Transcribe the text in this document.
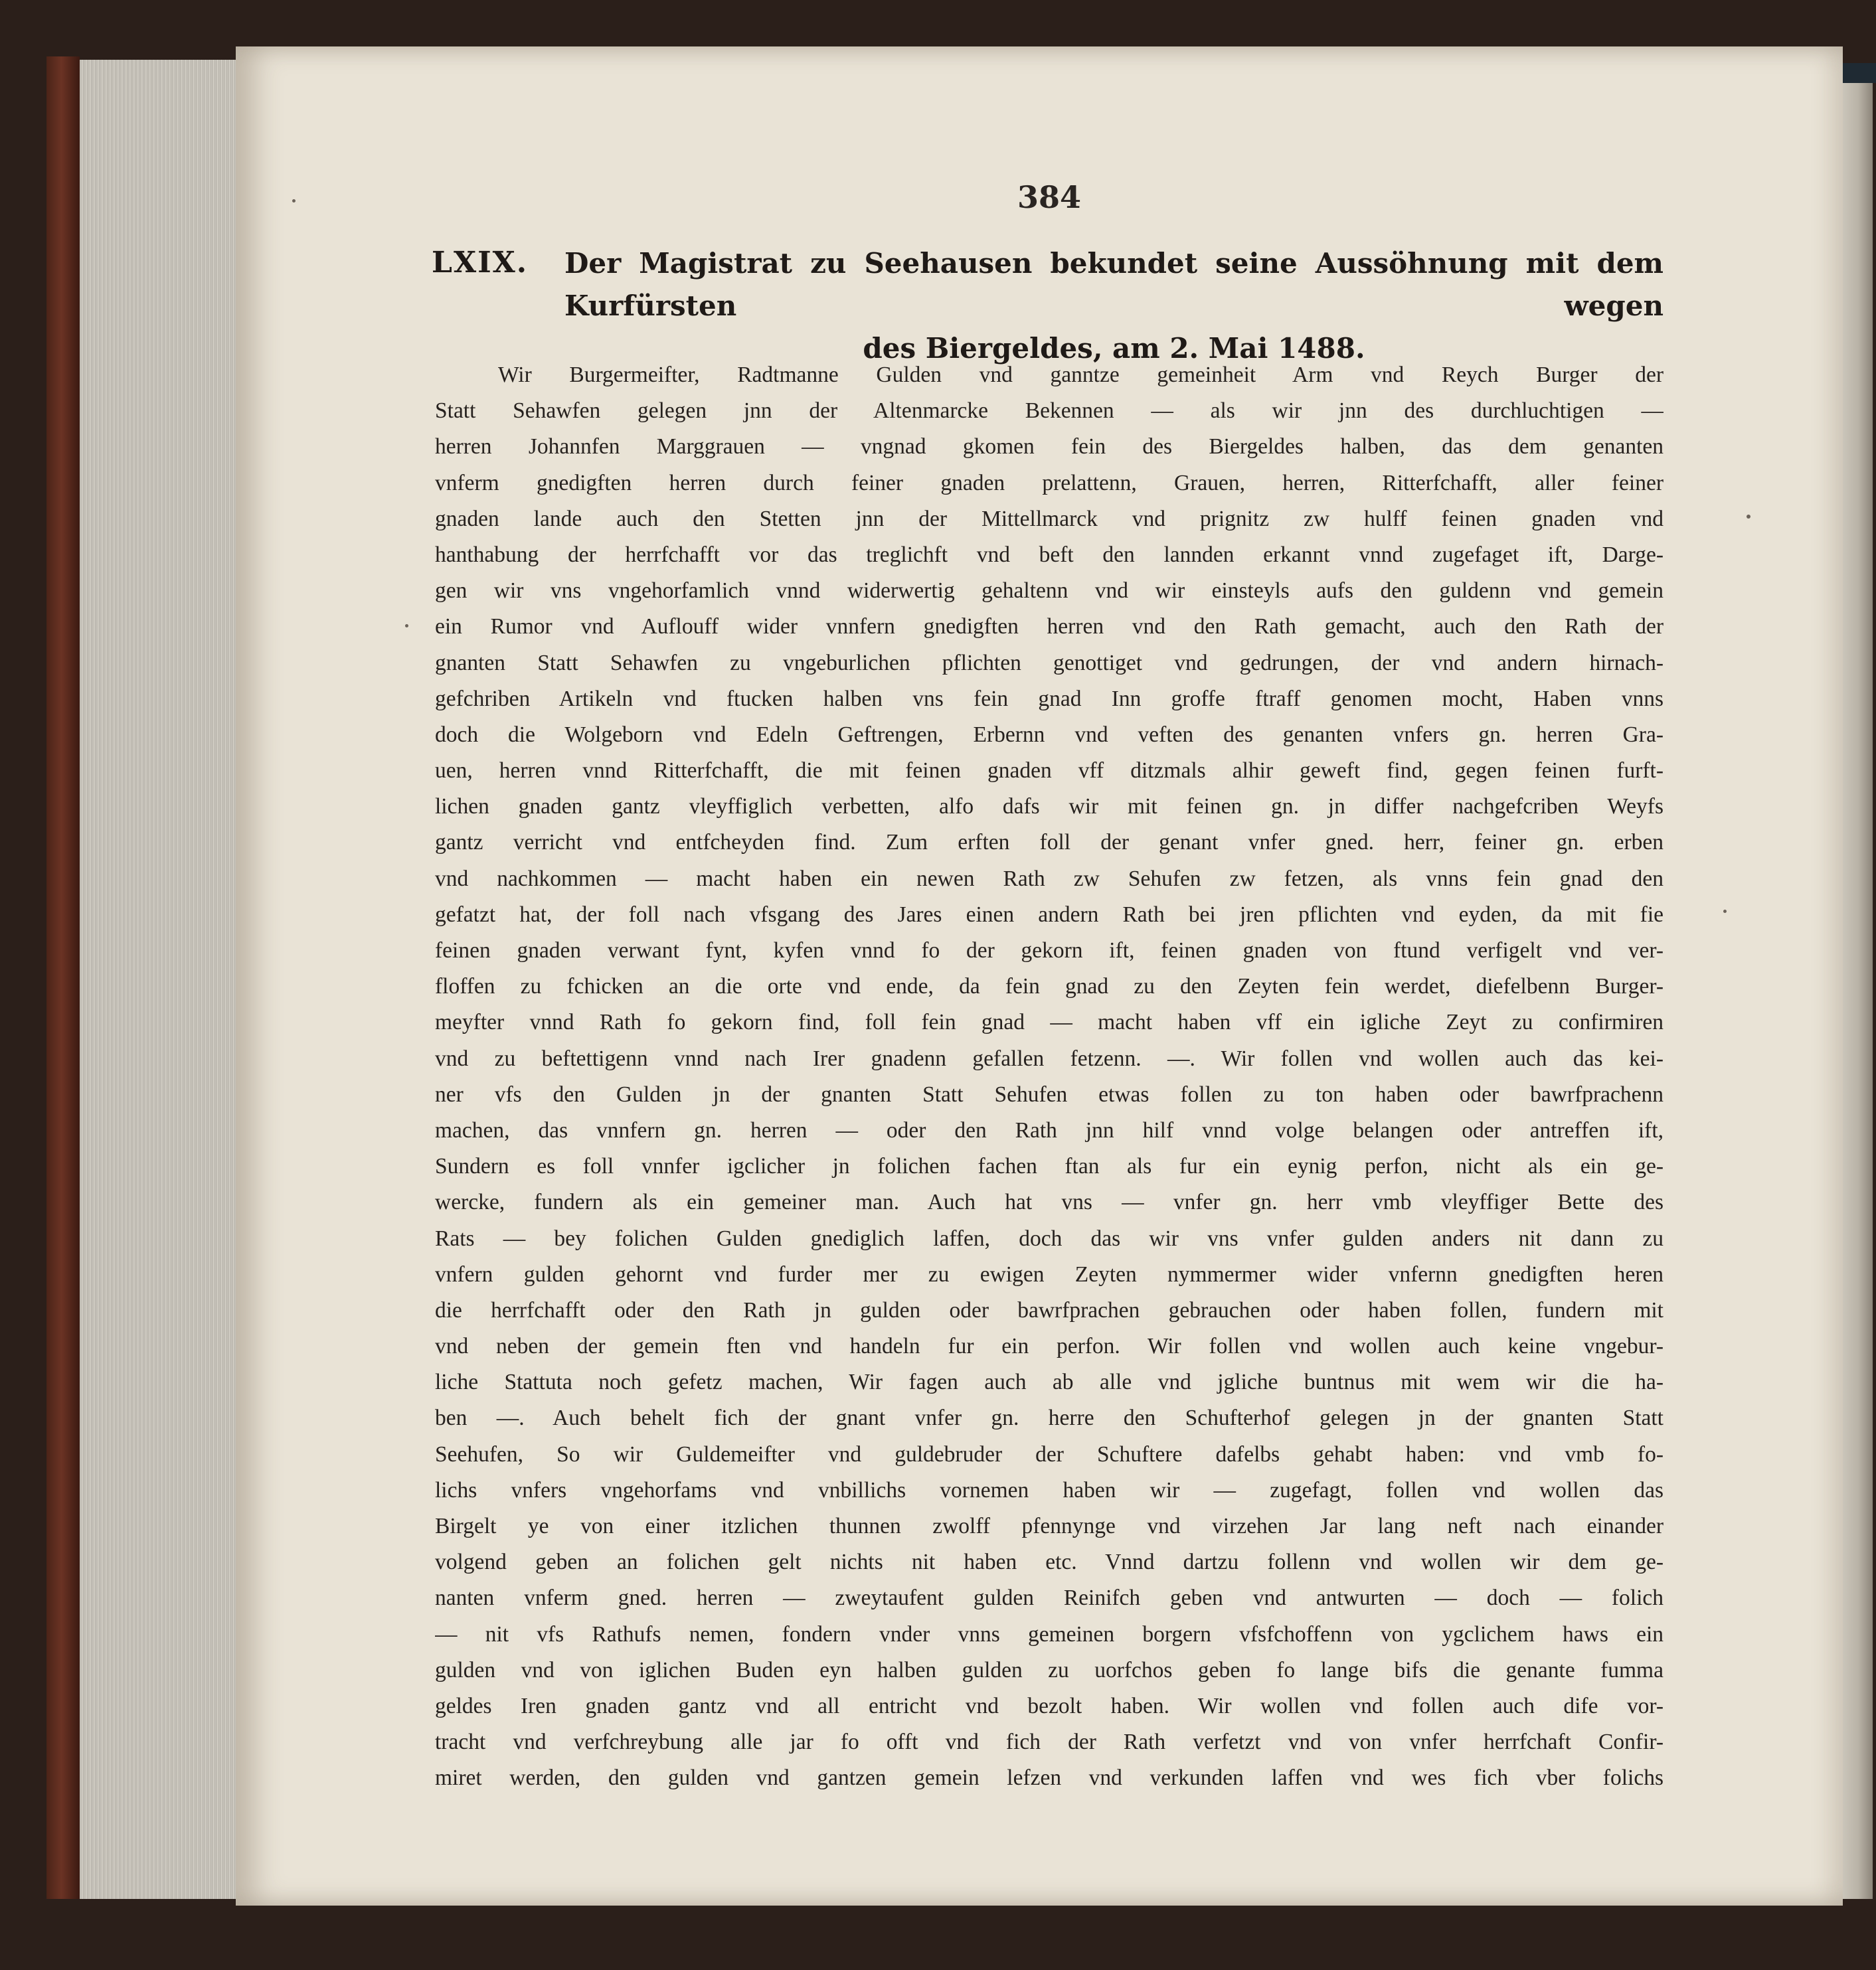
384
LXIX. Der Magistrat zu Seehausen bekundet seine Aussöhnung mit dem Kurfürsten wegen
des Biergeldes, am 2. Mai 1488.
Wir Burgermeifter, Radtmanne Gulden vnd ganntze gemeinheit Arm vnd Reych Burger der
Statt Sehawfen gelegen jnn der Altenmarcke Bekennen — als wir jnn des durchluchtigen —
herren Johannfen Marggrauen — vngnad gkomen fein des Biergeldes halben, das dem genanten
vnferm gnedigften herren durch feiner gnaden prelattenn, Grauen, herren, Ritterfchafft, aller feiner
gnaden lande auch den Stetten jnn der Mittellmarck vnd prignitz zw hulff feinen gnaden vnd
hanthabung der herrfchafft vor das treglichft vnd beft den lannden erkannt vnnd zugefaget ift, Darge-
gen wir vns vngehorfamlich vnnd widerwertig gehaltenn vnd wir einsteyls aufs den guldenn vnd gemein
ein Rumor vnd Auflouff wider vnnfern gnedigften herren vnd den Rath gemacht, auch den Rath der
gnanten Statt Sehawfen zu vngeburlichen pflichten genottiget vnd gedrungen, der vnd andern hirnach-
gefchriben Artikeln vnd ftucken halben vns fein gnad Inn groffe ftraff genomen mocht, Haben vnns
doch die Wolgeborn vnd Edeln Geftrengen, Erbernn vnd veften des genanten vnfers gn. herren Gra-
uen, herren vnnd Ritterfchafft, die mit feinen gnaden vff ditzmals alhir geweft find, gegen feinen furft-
lichen gnaden gantz vleyffiglich verbetten, alfo dafs wir mit feinen gn. jn differ nachgefcriben Weyfs
gantz verricht vnd entfcheyden find. Zum erften foll der genant vnfer gned. herr, feiner gn. erben
vnd nachkommen — macht haben ein newen Rath zw Sehufen zw fetzen, als vnns fein gnad den
gefatzt hat, der foll nach vfsgang des Jares einen andern Rath bei jren pflichten vnd eyden, da mit fie
feinen gnaden verwant fynt, kyfen vnnd fo der gekorn ift, feinen gnaden von ftund verfigelt vnd ver-
floffen zu fchicken an die orte vnd ende, da fein gnad zu den Zeyten fein werdet, diefelbenn Burger-
meyfter vnnd Rath fo gekorn find, foll fein gnad — macht haben vff ein igliche Zeyt zu confirmiren
vnd zu beftettigenn vnnd nach Irer gnadenn gefallen fetzenn. —. Wir follen vnd wollen auch das kei-
ner vfs den Gulden jn der gnanten Statt Sehufen etwas follen zu ton haben oder bawrfprachenn
machen, das vnnfern gn. herren — oder den Rath jnn hilf vnnd volge belangen oder antreffen ift,
Sundern es foll vnnfer igclicher jn folichen fachen ftan als fur ein eynig perfon, nicht als ein ge-
wercke, fundern als ein gemeiner man. Auch hat vns — vnfer gn. herr vmb vleyffiger Bette des
Rats — bey folichen Gulden gnediglich laffen, doch das wir vns vnfer gulden anders nit dann zu
vnfern gulden gehornt vnd furder mer zu ewigen Zeyten nymmermer wider vnfernn gnedigften heren
die herrfchafft oder den Rath jn gulden oder bawrfprachen gebrauchen oder haben follen, fundern mit
vnd neben der gemein ften vnd handeln fur ein perfon. Wir follen vnd wollen auch keine vngebur-
liche Stattuta noch gefetz machen, Wir fagen auch ab alle vnd jgliche buntnus mit wem wir die ha-
ben —. Auch behelt fich der gnant vnfer gn. herre den Schufterhof gelegen jn der gnanten Statt
Seehufen, So wir Guldemeifter vnd guldebruder der Schuftere dafelbs gehabt haben: vnd vmb fo-
lichs vnfers vngehorfams vnd vnbillichs vornemen haben wir — zugefagt, follen vnd wollen das
Birgelt ye von einer itzlichen thunnen zwolff pfennynge vnd virzehen Jar lang neft nach einander
volgend geben an folichen gelt nichts nit haben etc. Vnnd dartzu follenn vnd wollen wir dem ge-
nanten vnferm gned. herren — zweytaufent gulden Reinifch geben vnd antwurten — doch — folich
— nit vfs Rathufs nemen, fondern vnder vnns gemeinen borgern vfsfchoffenn von ygclichem haws ein
gulden vnd von iglichen Buden eyn halben gulden zu uorfchos geben fo lange bifs die genante fumma
geldes Iren gnaden gantz vnd all entricht vnd bezolt haben. Wir wollen vnd follen auch dife vor-
tracht vnd verfchreybung alle jar fo offt vnd fich der Rath verfetzt vnd von vnfer herrfchaft Confir-
miret werden, den gulden vnd gantzen gemein lefzen vnd verkunden laffen vnd wes fich vber folichs
